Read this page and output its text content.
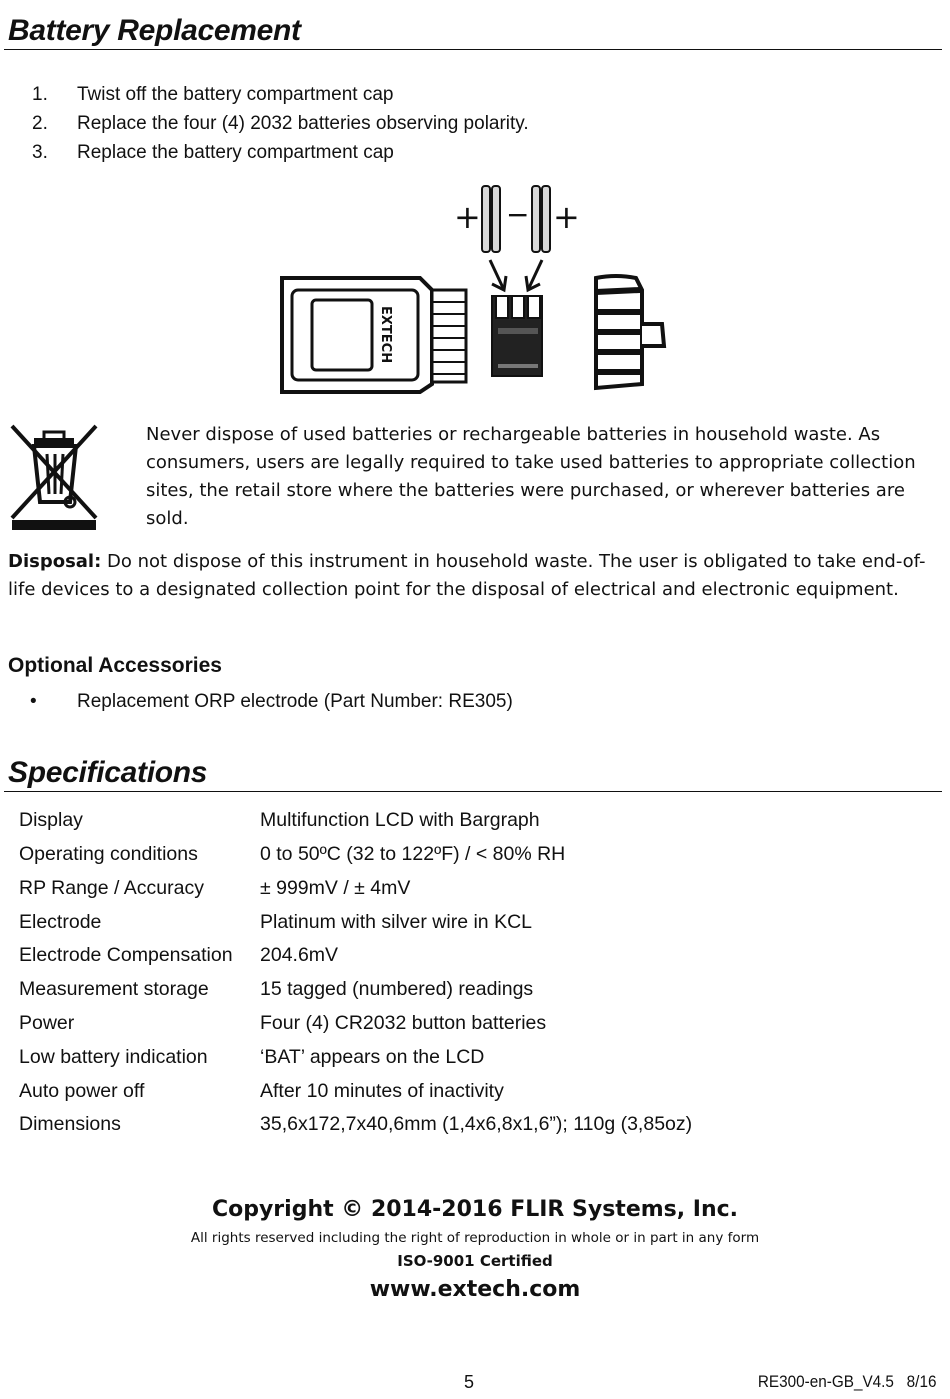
Battery Replacement
1. Twist off the battery compartment cap
2. Replace the four (4) 2032 batteries observing polarity.
3. Replace the battery compartment cap
+ − +
EXTECH
Never dispose of used batteries or rechargeable batteries in household waste. As consumers, users are legally required to take used batteries to appropriate collection sites, the retail store where the batteries were purchased, or wherever batteries are sold.
Disposal: Do not dispose of this instrument in household waste. The user is obligated to take end-of-life devices to a designated collection point for the disposal of electrical and electronic equipment.
Optional Accessories
• Replacement ORP electrode (Part Number: RE305)
Specifications
Display	Multifunction LCD with Bargraph
Operating conditions	0 to 50ºC (32 to 122ºF) / < 80% RH
RP Range / Accuracy	± 999mV / ± 4mV
Electrode	Platinum with silver wire in KCL
Electrode Compensation 204.6mV
Measurement storage	15 tagged (numbered) readings
Power	Four (4) CR2032 button batteries
Low battery indication	‘BAT’ appears on the LCD
Auto power off	After 10 minutes of inactivity
Dimensions	35,6x172,7x40,6mm (1,4x6,8x1,6”); 110g (3,85oz)
Copyright © 2014-2016 FLIR Systems, Inc.
All rights reserved including the right of reproduction in whole or in part in any form
ISO-9001 Certified
www.extech.com
5	RE300-en-GB_V4.5   8/16
